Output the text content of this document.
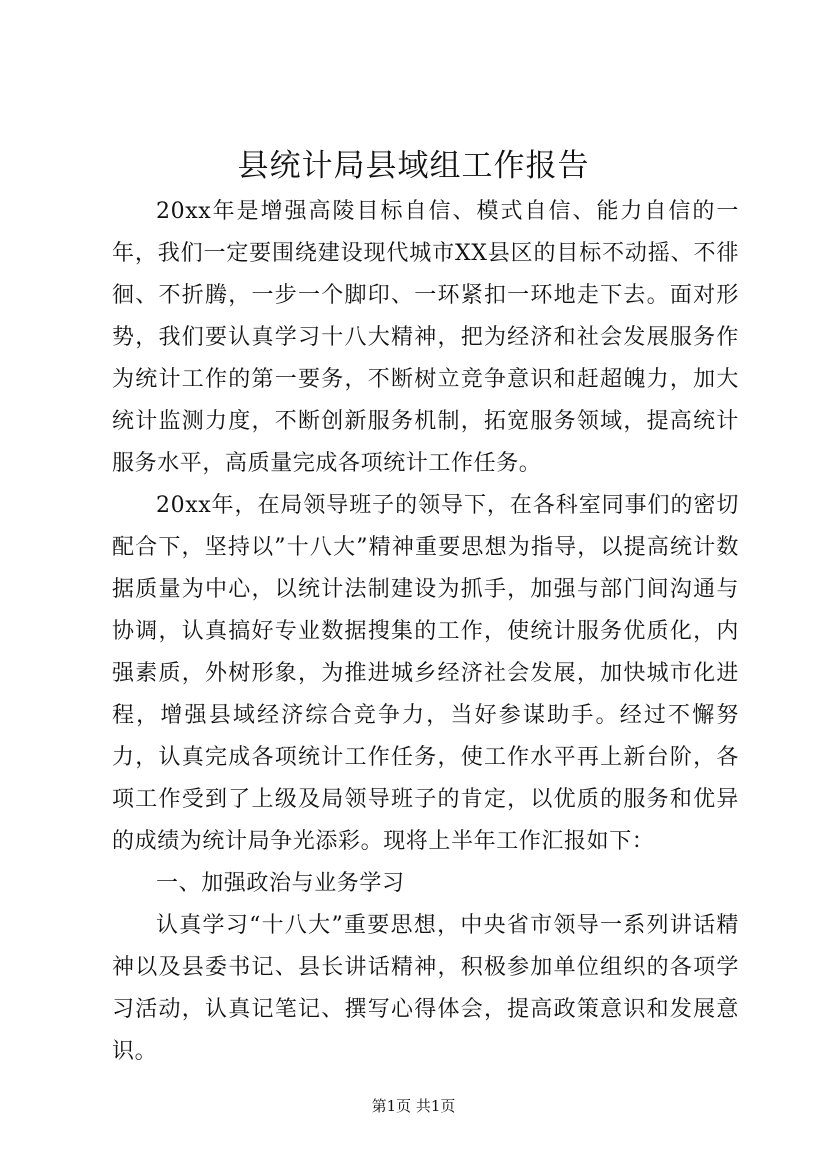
县统计局县域组工作报告

20xx年是增强高陵目标自信、模式自信、能力自信的一年，我们一定要围绕建设现代城市XX县区的目标不动摇、不徘徊、不折腾，一步一个脚印、一环紧扣一环地走下去。面对形势，我们要认真学习十八大精神，把为经济和社会发展服务作为统计工作的第一要务，不断树立竞争意识和赶超魄力，加大统计监测力度，不断创新服务机制，拓宽服务领域，提高统计服务水平，高质量完成各项统计工作任务。

20xx年，在局领导班子的领导下，在各科室同事们的密切配合下，坚持以”十八大”精神重要思想为指导，以提高统计数据质量为中心，以统计法制建设为抓手，加强与部门间沟通与协调，认真搞好专业数据搜集的工作，使统计服务优质化，内强素质，外树形象，为推进城乡经济社会发展，加快城市化进程，增强县域经济综合竞争力，当好参谋助手。经过不懈努力，认真完成各项统计工作任务，使工作水平再上新台阶，各项工作受到了上级及局领导班子的肯定，以优质的服务和优异的成绩为统计局争光添彩。现将上半年工作汇报如下：

一、加强政治与业务学习

认真学习“十八大”重要思想，中央省市领导一系列讲话精神以及县委书记、县长讲话精神，积极参加单位组织的各项学习活动，认真记笔记、撰写心得体会，提高政策意识和发展意识。

第1页 共1页
